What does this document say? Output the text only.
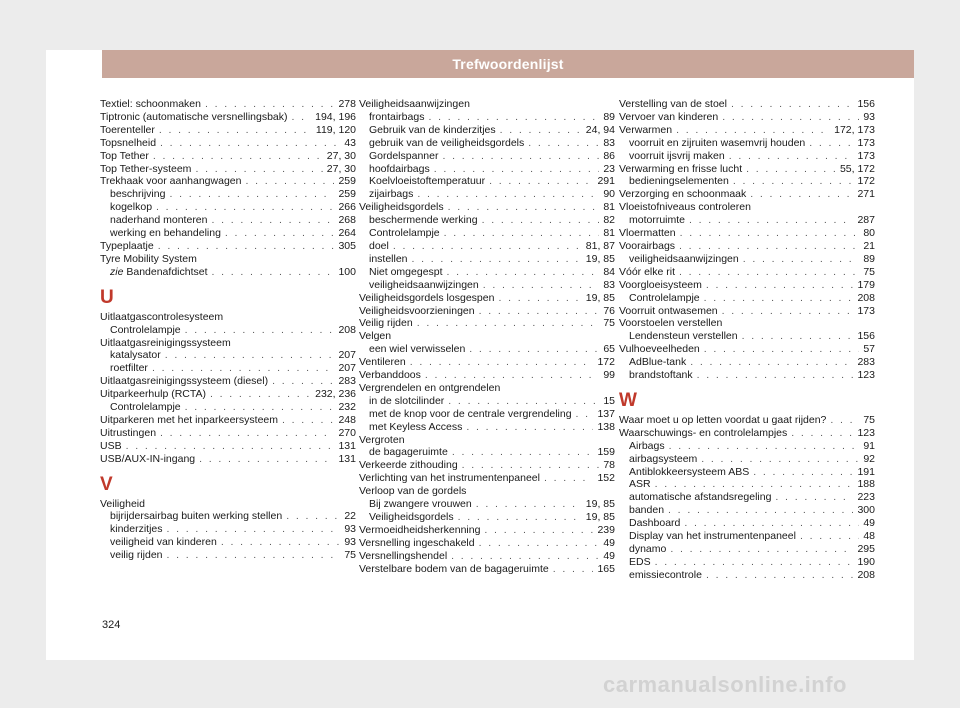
Trefwoordenlijst
Textiel: schoonmaken . . .	278
Tiptronic (automatische versnellingsbak) . . .	194, 196
Toerenteller . . .	119, 120
Topsnelheid . . .	43
Top Tether . . .	27, 30
Top Tether-systeem . . .	27, 30
Trekhaak voor aanhangwagen . . .	259
beschrijving . . .	259
kogelkop . . .	266
naderhand monteren . . .	268
werking en behandeling . . .	264
Typeplaatje . . .	305
Tyre Mobility System
zie Bandenafdichtset . . .	100
U
Uitlaatgascontrolesysteem
Controlelampje . . .	208
Uitlaatgasreinigingssysteem
katalysator . . .	207
roetfilter . . .	207
Uitlaatgasreinigingssysteem (diesel) . . .	283
Uitparkeerhulp (RCTA) . . .	232, 236
Controlelampje . . .	232
Uitparkeren met het inparkeersysteem . . .	248
Uitrustingen . . .	270
USB . . .	131
USB/AUX-IN-ingang . . .	131
V
Veiligheid
bijrijdersairbag buiten werking stellen . . .	22
kinderzitjes . . .	93
veiligheid van kinderen . . .	93
veilig rijden . . .	75
Veiligheidsaanwijzingen
frontairbags . . .	89
Gebruik van de kinderzitjes . . .	24, 94
gebruik van de veiligheidsgordels . . .	83
Gordelspanner . . .	86
hoofdairbags . . .	23
Koelvloeistoftemperatuur . . .	291
zijairbags . . .	90
Veiligheidsgordels . . .	81
beschermende werking . . .	82
Controlelampje . . .	81
doel . . .	81, 87
instellen . . .	19, 85
Niet omgegespt . . .	84
veiligheidsaanwijzingen . . .	83
Veiligheidsgordels losgespen . . .	19, 85
Veiligheidsvoorzieningen . . .	76
Veilig rijden . . .	75
Velgen
een wiel verwisselen . . .	65
Ventileren . . .	172
Verbanddoos . . .	99
Vergrendelen en ontgrendelen
in de slotcilinder . . .	15
met de knop voor de centrale vergrendeling . . . 137
met Keyless Access . . .	138
Vergroten
de bagageruimte . . .	159
Verkeerde zithouding . . .	78
Verlichting van het instrumentenpaneel . . .	152
Verloop van de gordels
Bij zwangere vrouwen . . .	19, 85
Veiligheidsgordels . . .	19, 85
Vermoeidheidsherkenning . . .	239
Versnelling ingeschakeld . . .	49
Versnellingshendel . . .	49
Verstelbare bodem van de bagageruimte . . .	165
Verstelling van de stoel . . .	156
Vervoer van kinderen . . .	93
Verwarmen . . .	172, 173
voorruit en zijruiten wasemvrij houden . . .	173
voorruit ijsvrij maken . . .	173
Verwarming en frisse lucht . . .	55, 172
bedieningselementen . . .	172
Verzorging en schoonmaak . . .	271
Vloeistofniveaus controleren
motorruimte . . .	287
Vloermatten . . .	80
Voorairbags . . .	21
veiligheidsaanwijzingen . . .	89
Vóór elke rit . . .	75
Voorgloeisysteem . . .	179
Controlelampje . . .	208
Voorruit ontwasemen . . .	173
Voorstoelen verstellen
Lendensteun verstellen . . .	156
Vulhoeveelheden . . .	57
AdBlue-tank . . .	283
brandstoftank . . .	123
W
Waar moet u op letten voordat u gaat rijden? . . .	75
Waarschuwings- en controlelampjes . . .	123
Airbags . . .	91
airbagsysteem . . .	92
Antiblokkeersysteem ABS . . .	191
ASR . . .	188
automatische afstandsregeling . . .	223
banden . . .	300
Dashboard . . .	49
Display van het instrumentenpaneel . . .	48
dynamo . . .	295
EDS . . .	190
emissiecontrole . . .	208
324
carmanualsonline.info
